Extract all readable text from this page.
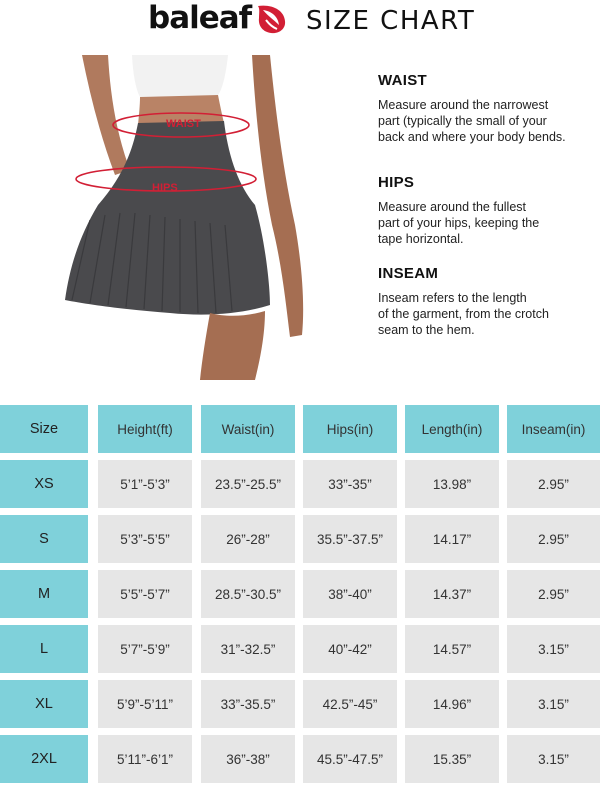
baleaf SIZE CHART
WAIST
HIPS
WAIST

Measure around the narrowest
part (typically the small of your
back and where your body bends.

HIPS

Measure around the fullest
part of your hips, keeping the
tape horizontal.

INSEAM

Inseam refers to the length
of the garment, from the crotch
seam to the hem.

Size	Height(ft)	Waist(in)	Hips(in)	Length(in)	Inseam(in)
XS	5’1”-5’3”	23.5”-25.5”	33”-35”	13.98”	2.95”
S	5’3”-5’5”	26”-28”	35.5”-37.5”	14.17”	2.95”
M	5’5”-5’7”	28.5”-30.5”	38”-40”	14.37”	2.95”
L	5’7”-5’9”	31”-32.5”	40”-42”	14.57”	3.15”
XL	5’9”-5’11”	33”-35.5”	42.5”-45”	14.96”	3.15”
2XL	5’11”-6’1”	36”-38”	45.5”-47.5”	15.35”	3.15”
